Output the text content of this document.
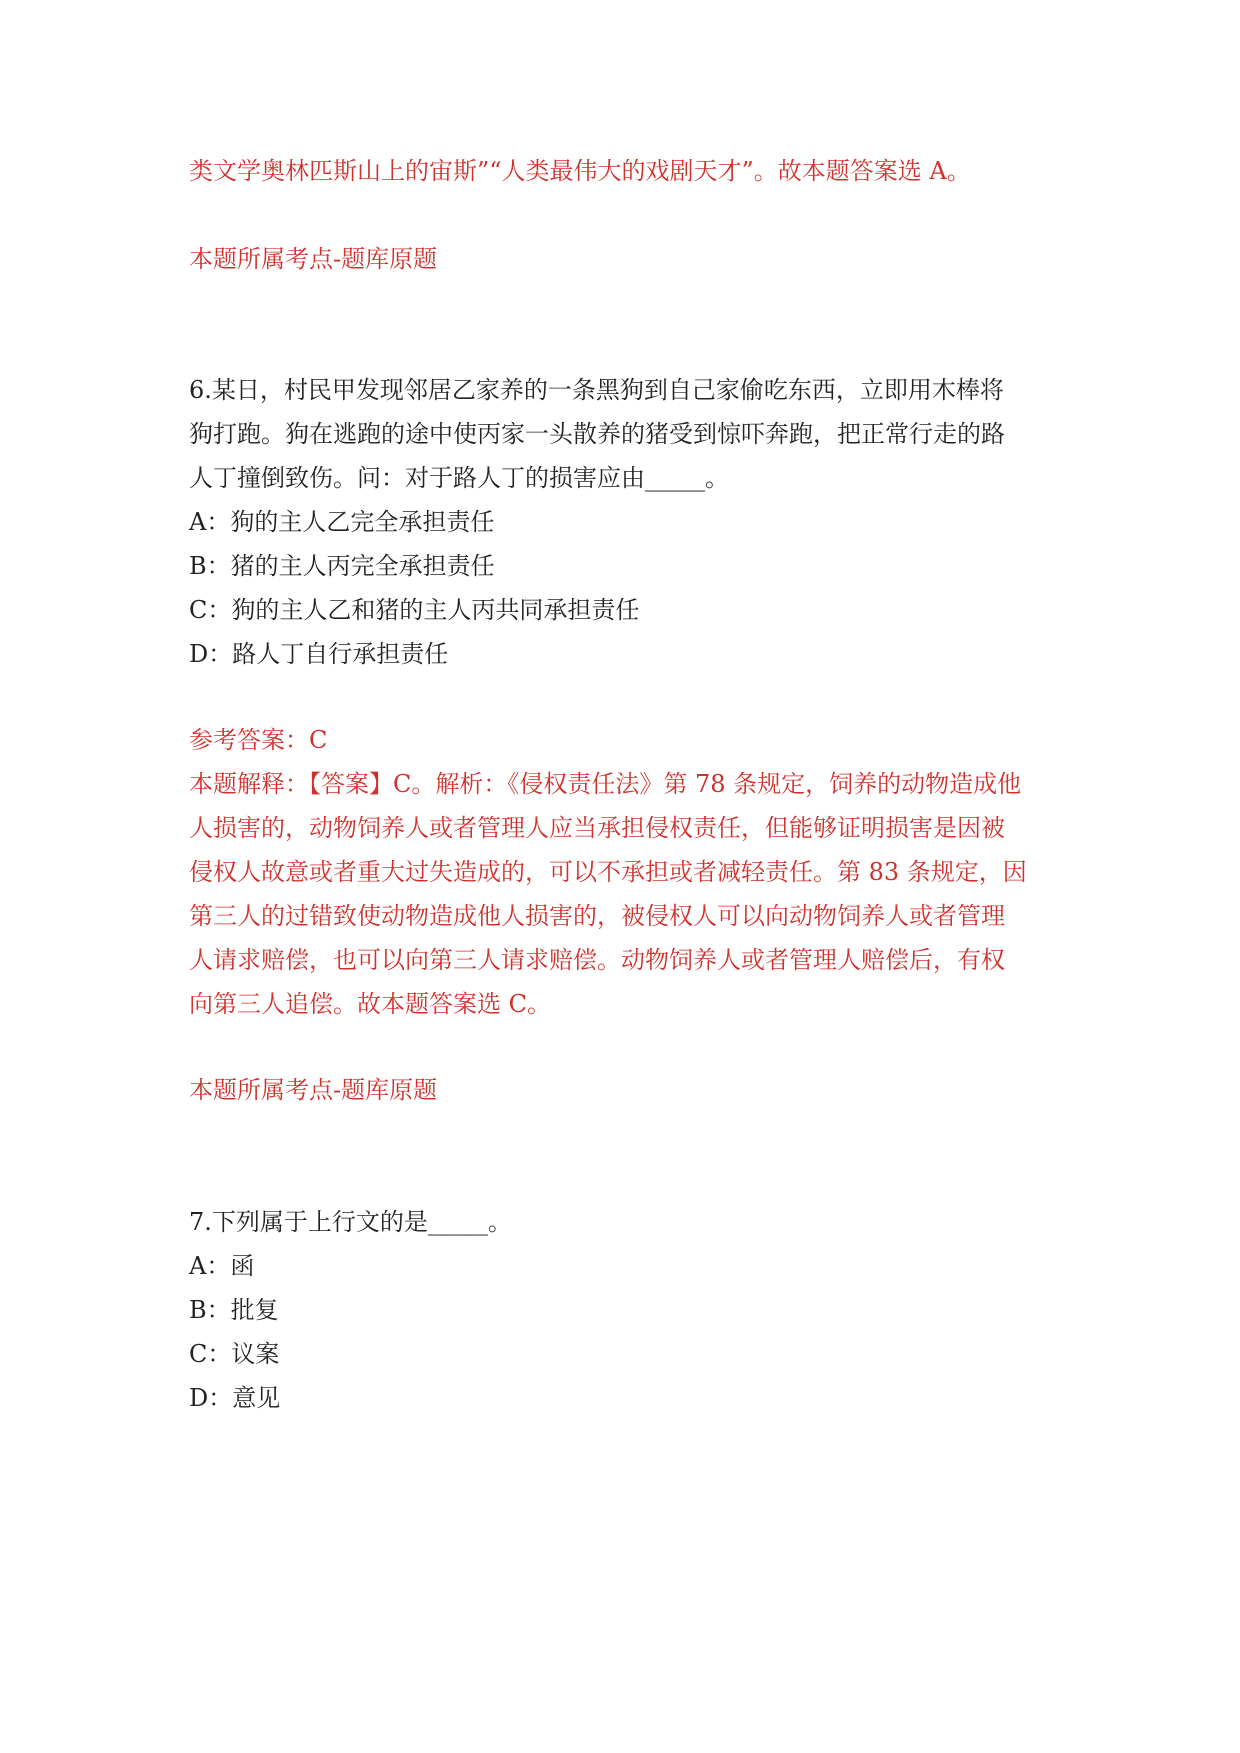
类文学奥林匹斯山上的宙斯”“人类最伟大的戏剧天才”。故本题答案选 A。
本题所属考点-题库原题
6.某日，村民甲发现邻居乙家养的一条黑狗到自己家偷吃东西，立即用木棒将
狗打跑。狗在逃跑的途中使丙家一头散养的猪受到惊吓奔跑，把正常行走的路
人丁撞倒致伤。问：对于路人丁的损害应由_____。
A：狗的主人乙完全承担责任
B：猪的主人丙完全承担责任
C：狗的主人乙和猪的主人丙共同承担责任
D：路人丁自行承担责任
参考答案：C
本题解释：【答案】C。解析：《侵权责任法》第 78 条规定，饲养的动物造成他
人损害的，动物饲养人或者管理人应当承担侵权责任，但能够证明损害是因被
侵权人故意或者重大过失造成的，可以不承担或者减轻责任。第 83 条规定，因
第三人的过错致使动物造成他人损害的，被侵权人可以向动物饲养人或者管理
人请求赔偿，也可以向第三人请求赔偿。动物饲养人或者管理人赔偿后，有权
向第三人追偿。故本题答案选 C。
本题所属考点-题库原题
7.下列属于上行文的是_____。
A：函
B：批复
C：议案
D：意见
